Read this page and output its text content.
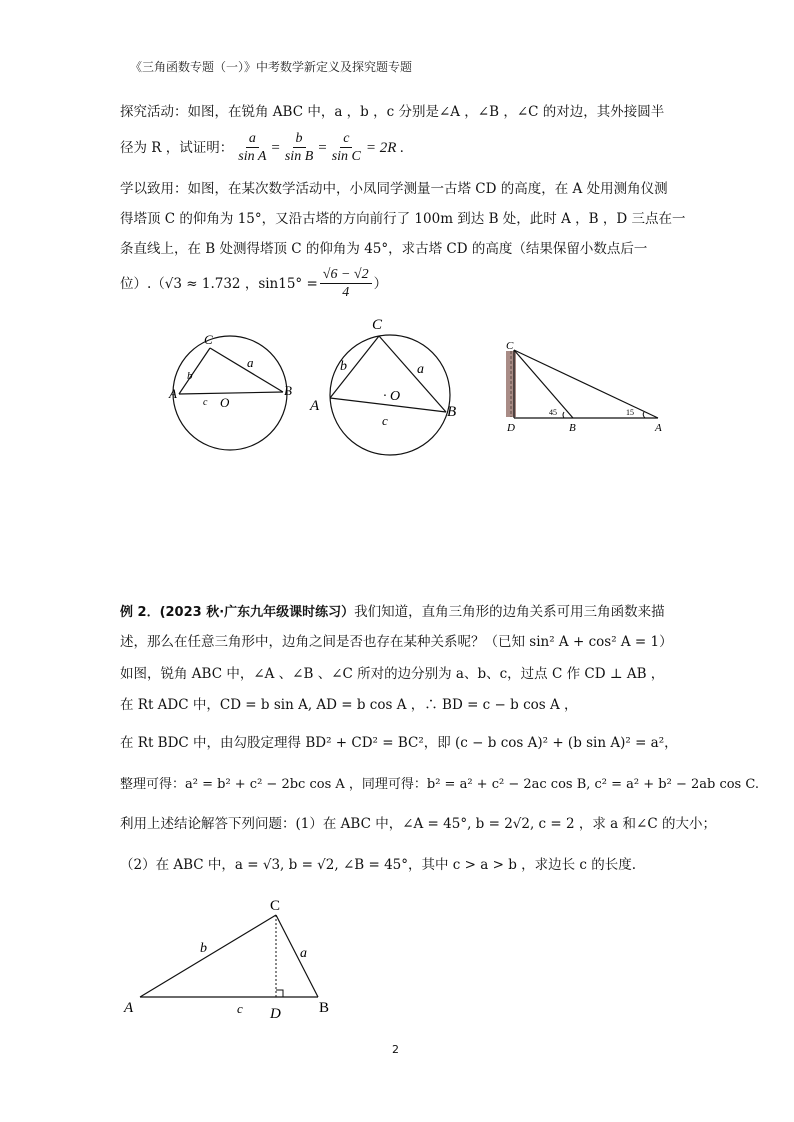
《三角函数专题（一）》中考数学新定义及探究题专题
探究活动：如图，在锐角 ABC 中，a ，b ，c 分别是∠A ，∠B ，∠C 的对边，其外接圆半
径为 R ，试证明： $\frac{a}{\text{sin A}} = \frac{b}{\text{sin B}} = \frac{c}{\text{sin C}} = 2R$ .
学以致用：如图，在某次数学活动中，小凤同学测量一古塔 CD 的高度，在 A 处用测角仪测
得塔顶 C 的仰角为 15°，又沿古塔的方向前行了 100m 到达 B 处，此时 A ，B ，D 三点在一
条直线上，在 B 处测得塔顶 C 的仰角为 45°，求古塔 CD 的高度（结果保留小数点后一
位）.（√3 ≈ 1.732 ，$\sin 15^\circ = \frac{√6 - √2}{4}$ ）
C
a
b
A	B
c O
C
a
b
A	B
c
· O
C
D	B	A
45	15
例 2．(2023 秋·广东九年级课时练习）我们知道，直角三角形的边角关系可用三角函数来描
述，那么在任意三角形中，边角之间是否也存在某种关系呢？（已知 sin² A + cos² A = 1）
如图，锐角 ABC 中，∠A 、∠B 、∠C 所对的边分别为 a、b、c，过点 C 作 CD ⊥ AB ，
在 Rt ADC 中，CD = b sin A, AD = b cos A ，∴ BD = c − b cos A ，
在 Rt BDC 中，由勾股定理得 BD² + CD² = BC²，即 (c − b cos A)² + (b sin A)² = a²，
整理可得：a² = b² + c² − 2bc cos A ，同理可得：b² = a² + c² − 2ac cos B, c² = a² + b² − 2ab cos C.
利用上述结论解答下列问题：(1）在 ABC 中，∠A = 45°, b = 2√2, c = 2 ，求 a 和∠C 的大小；
（2）在 ABC 中，a = √3, b = √2, ∠B = 45°，其中 c > a > b ，求边长 c 的长度.
C
b	a
A	c D	B
2
